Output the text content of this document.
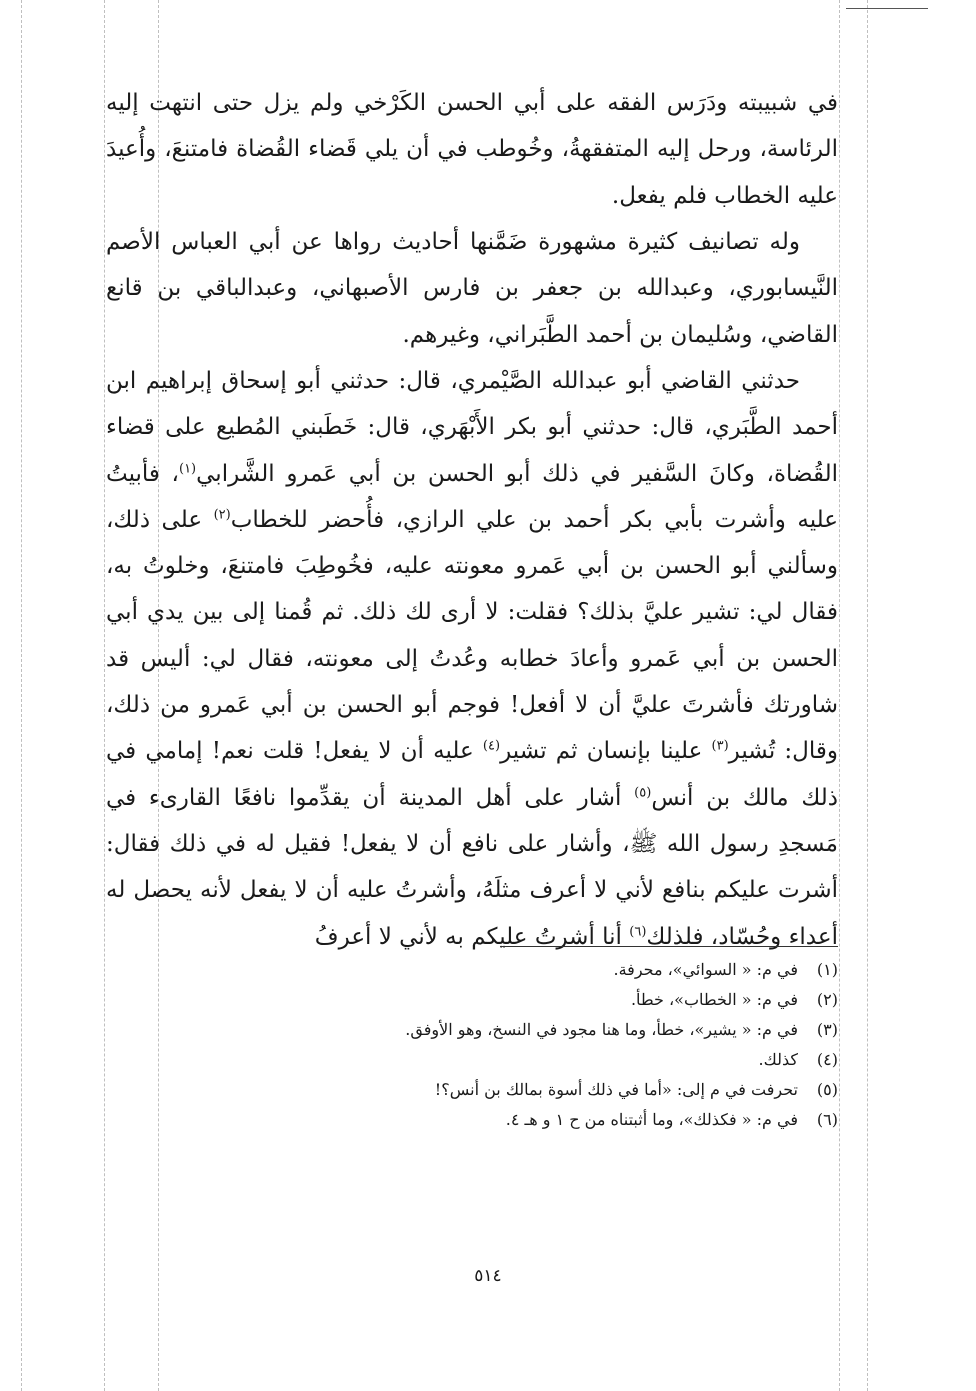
في شبيبته ودَرَس الفقه على أبي الحسن الكَرْخي ولم يزل حتى انتهت إليه الرئاسة، ورحل إليه المتفقهةُ، وخُوطب في أن يلي قَضاء القُضاة فامتنعَ، وأُعيدَ عليه الخطاب فلم يفعل.

وله تصانيف كثيرة مشهورة ضَمَّنها أحاديث رواها عن أبي العباس الأصم النَّيسابوري، وعبدالله بن جعفر بن فارس الأصبهاني، وعبدالباقي بن قانع القاضي، وسُليمان بن أحمد الطَّبَراني، وغيرهم.

حدثني القاضي أبو عبدالله الصَّيْمري، قال: حدثني أبو إسحاق إبراهيم ابن أحمد الطَّبَري، قال: حدثني أبو بكر الأَبْهَري، قال: خَطَبني المُطيع على قضاء القُضاة، وكانَ السَّفير في ذلك أبو الحسن بن أبي عَمرو الشَّرابي$^{(١)}$، فأبيتُ عليه وأشرت بأبي بكر أحمد بن علي الرازي، فأُحضر للخطاب$^{(٢)}$ على ذلك، وسألني أبو الحسن بن أبي عَمرو معونته عليه، فخُوطِبَ فامتنعَ، وخلوتُ به، فقال لي: تشير عليَّ بذلك؟ فقلت: لا أرى لك ذلك. ثم قُمنا إلى بين يدي أبي الحسن بن أبي عَمرو وأعادَ خطابه وعُدتُ إلى معونته، فقال لي: أليس قد شاورتك فأشرتَ عليَّ أن لا أفعل! فوجم أبو الحسن بن أبي عَمرو من ذلك، وقال: تُشير$^{(٣)}$ علينا بإنسان ثم تشير$^{(٤)}$ عليه أن لا يفعل! قلت نعم! إمامي في ذلك مالك بن أنس$^{(٥)}$ أشار على أهل المدينة أن يقدِّموا نافعًا القارىء في مَسجدِ رسول الله ﷺ، وأشار على نافع أن لا يفعل! فقيل له في ذلك فقال: أشرت عليكم بنافع لأني لا أعرف مثلَهُ، وأشرتُ عليه أن لا يفعل لأنه يحصل له أعداء وحُسّاد، فلذلك$^{(٦)}$ أنا أشرتُ عليكم به لأني لا أعرفُ

(١)
في م: « السوائي»، محرفة.
(٢)
في م: « الخطاب»، خطأ.
(٣)
في م: « يشير»، خطأ، وما هنا مجود في النسخ، وهو الأوفق.
(٤)
كذلك.
(٥)
تحرفت في م إلى: «أما في ذلك أسوة بمالك بن أنس؟!
(٦)
في م: « فكذلك»، وما أثبتناه من ح ١ و هـ ٤.
٥١٤
